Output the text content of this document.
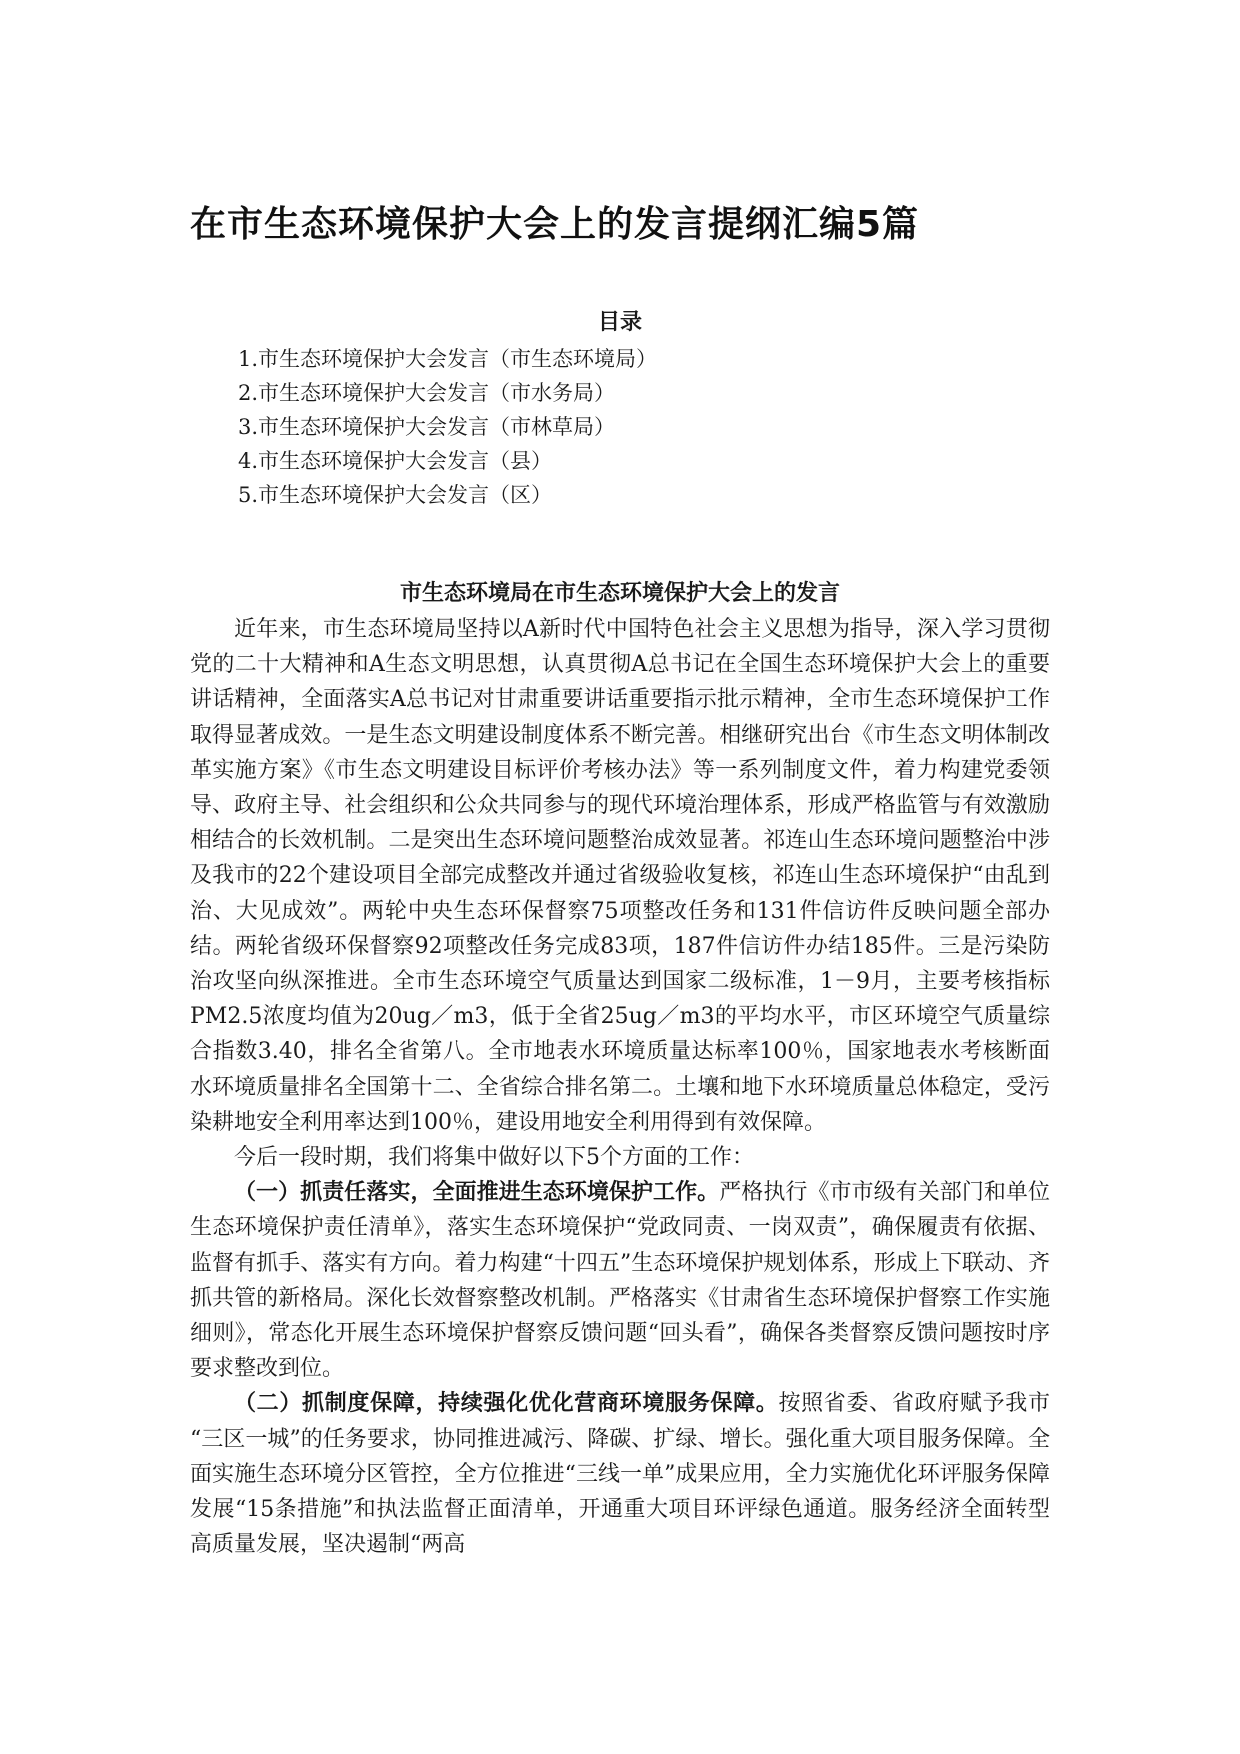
在市生态环境保护大会上的发言提纲汇编5篇
目录
1.市生态环境保护大会发言（市生态环境局）
2.市生态环境保护大会发言（市水务局）
3.市生态环境保护大会发言（市林草局）
4.市生态环境保护大会发言（县）
5.市生态环境保护大会发言（区）
市生态环境局在市生态环境保护大会上的发言

近年来，市生态环境局坚持以A新时代中国特色社会主义思想为指导，深入学习贯彻党的二十大精神和A生态文明思想，认真贯彻A总书记在全国生态环境保护大会上的重要讲话精神，全面落实A总书记对甘肃重要讲话重要指示批示精神，全市生态环境保护工作取得显著成效。一是生态文明建设制度体系不断完善。相继研究出台《市生态文明体制改革实施方案》《市生态文明建设目标评价考核办法》等一系列制度文件，着力构建党委领导、政府主导、社会组织和公众共同参与的现代环境治理体系，形成严格监管与有效激励相结合的长效机制。二是突出生态环境问题整治成效显著。祁连山生态环境问题整治中涉及我市的22个建设项目全部完成整改并通过省级验收复核，祁连山生态环境保护“由乱到治、大见成效”。两轮中央生态环保督察75项整改任务和131件信访件反映问题全部办结。两轮省级环保督察92项整改任务完成83项，187件信访件办结185件。三是污染防治攻坚向纵深推进。全市生态环境空气质量达到国家二级标准，1－9月，主要考核指标PM2.5浓度均值为20ug／m3，低于全省25ug／m3的平均水平，市区环境空气质量综合指数3.40，排名全省第八。全市地表水环境质量达标率100％，国家地表水考核断面水环境质量排名全国第十二、全省综合排名第二。土壤和地下水环境质量总体稳定，受污染耕地安全利用率达到100％，建设用地安全利用得到有效保障。

今后一段时期，我们将集中做好以下5个方面的工作：

（一）抓责任落实，全面推进生态环境保护工作。严格执行《市市级有关部门和单位生态环境保护责任清单》，落实生态环境保护“党政同责、一岗双责”，确保履责有依据、监督有抓手、落实有方向。着力构建“十四五”生态环境保护规划体系，形成上下联动、齐抓共管的新格局。深化长效督察整改机制。严格落实《甘肃省生态环境保护督察工作实施细则》，常态化开展生态环境保护督察反馈问题“回头看”，确保各类督察反馈问题按时序要求整改到位。

（二）抓制度保障，持续强化优化营商环境服务保障。按照省委、省政府赋予我市 “三区一城”的任务要求，协同推进减污、降碳、扩绿、增长。强化重大项目服务保障。全面实施生态环境分区管控，全方位推进“三线一单”成果应用，全力实施优化环评服务保障发展“15条措施”和执法监督正面清单，开通重大项目环评绿色通道。服务经济全面转型高质量发展，坚决遏制“两高
